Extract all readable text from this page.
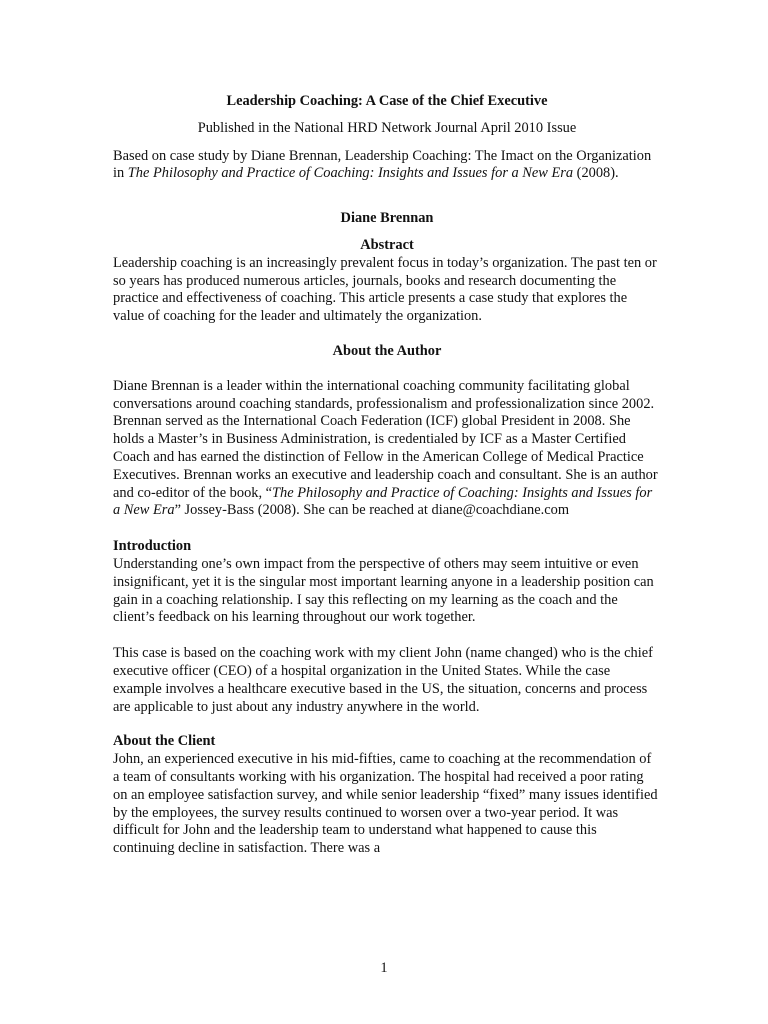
Leadership Coaching: A Case of the Chief Executive

Published in the National HRD Network Journal April 2010 Issue

Based on case study by Diane Brennan, Leadership Coaching: The Imact on the Organization in The Philosophy and Practice of Coaching: Insights and Issues for a New Era (2008).

Diane Brennan

Abstract

Leadership coaching is an increasingly prevalent focus in today’s organization. The past ten or so years has produced numerous articles, journals, books and research documenting the practice and effectiveness of coaching. This article presents a case study that explores the value of coaching for the leader and ultimately the organization.

About the Author

Diane Brennan is a leader within the international coaching community facilitating global conversations around coaching standards, professionalism and professionalization since 2002. Brennan served as the International Coach Federation (ICF) global President in 2008. She holds a Master’s in Business Administration, is credentialed by ICF as a Master Certified Coach and has earned the distinction of Fellow in the American College of Medical Practice Executives. Brennan works an executive and leadership coach and consultant. She is an author and co-editor of the book, “The Philosophy and Practice of Coaching: Insights and Issues for a New Era” Jossey-Bass (2008). She can be reached at diane@coachdiane.com

Introduction

Understanding one’s own impact from the perspective of others may seem intuitive or even insignificant, yet it is the singular most important learning anyone in a leadership position can gain in a coaching relationship. I say this reflecting on my learning as the coach and the client’s feedback on his learning throughout our work together.

This case is based on the coaching work with my client John (name changed) who is the chief executive officer (CEO) of a hospital organization in the United States. While the case example involves a healthcare executive based in the US, the situation, concerns and process are applicable to just about any industry anywhere in the world.

About the Client

John, an experienced executive in his mid-fifties, came to coaching at the recommendation of a team of consultants working with his organization. The hospital had received a poor rating on an employee satisfaction survey, and while senior leadership “fixed” many issues identified by the employees, the survey results continued to worsen over a two-year period. It was difficult for John and the leadership team to understand what happened to cause this continuing decline in satisfaction. There was a

1
